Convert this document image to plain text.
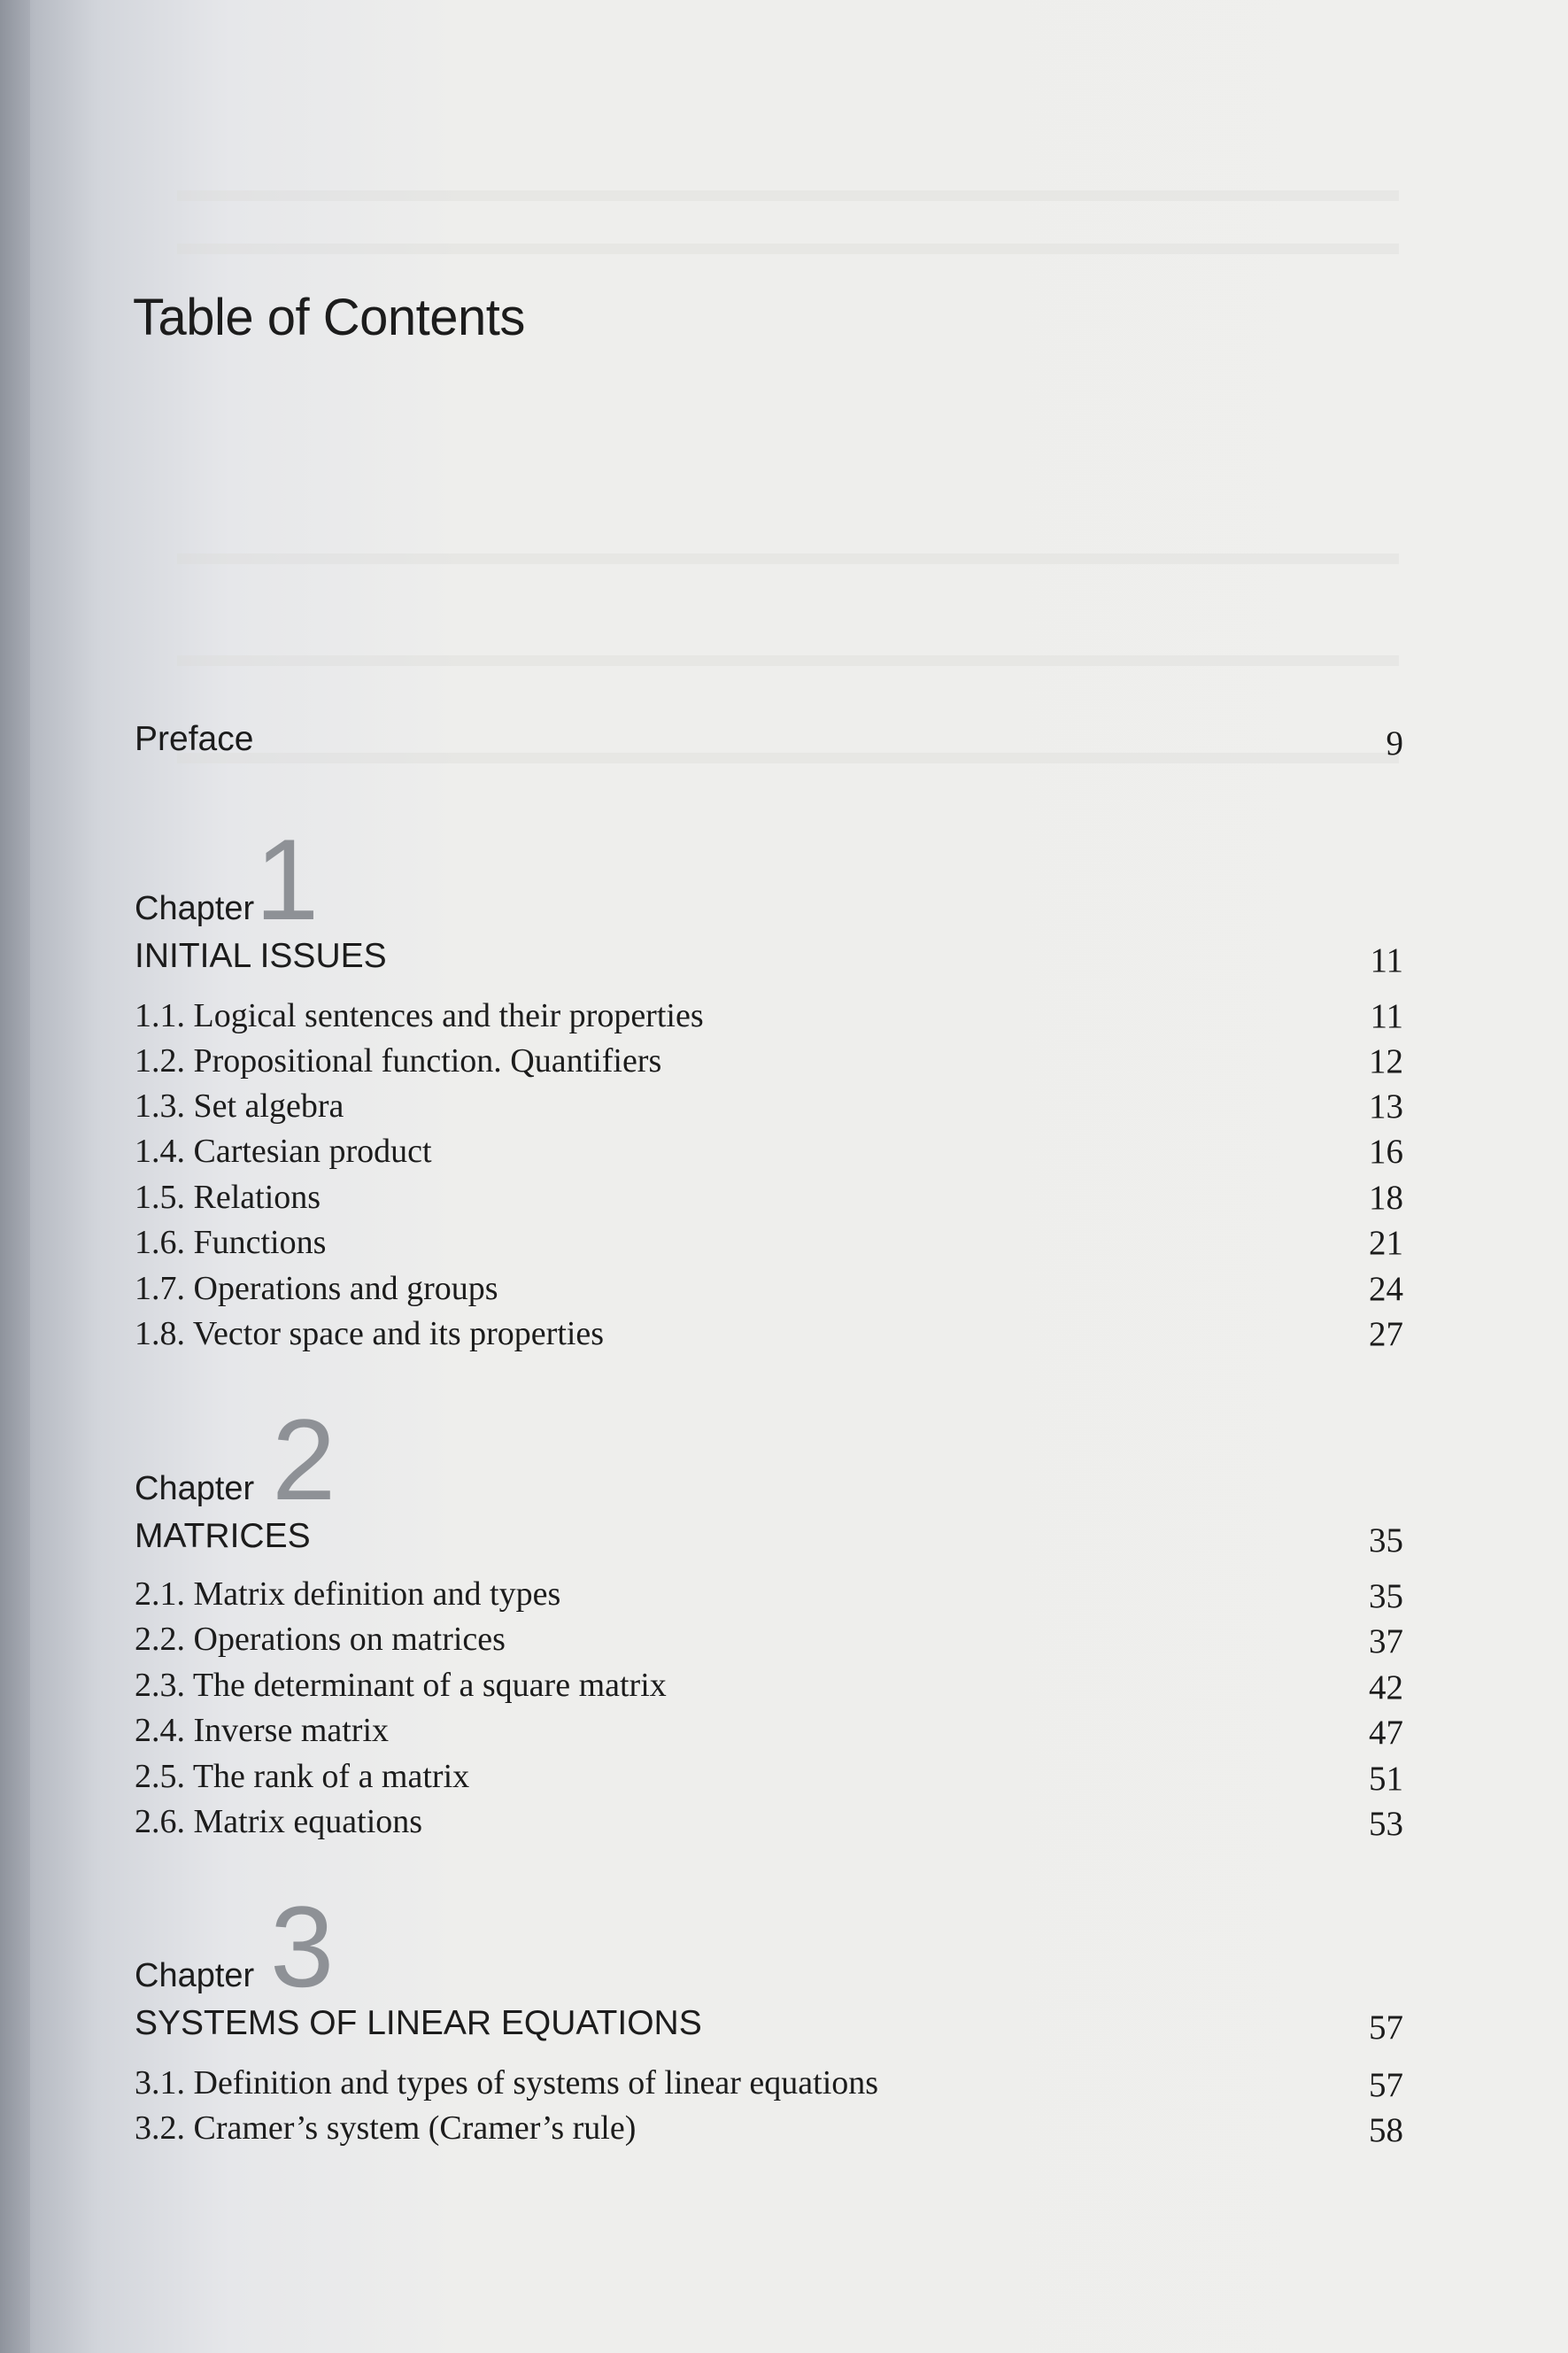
Table of Contents
Preface	9
Chapter 1
INITIAL ISSUES	11
1.1. Logical sentences and their properties	11
1.2. Propositional function. Quantifiers	12
1.3. Set algebra	13
1.4. Cartesian product	16
1.5. Relations	18
1.6. Functions	21
1.7. Operations and groups	24
1.8. Vector space and its properties	27
Chapter 2
MATRICES	35
2.1. Matrix definition and types	35
2.2. Operations on matrices	37
2.3. The determinant of a square matrix	42
2.4. Inverse matrix	47
2.5. The rank of a matrix	51
2.6. Matrix equations	53
Chapter 3
SYSTEMS OF LINEAR EQUATIONS	57
3.1. Definition and types of systems of linear equations	57
3.2. Cramer’s system (Cramer’s rule)	58
